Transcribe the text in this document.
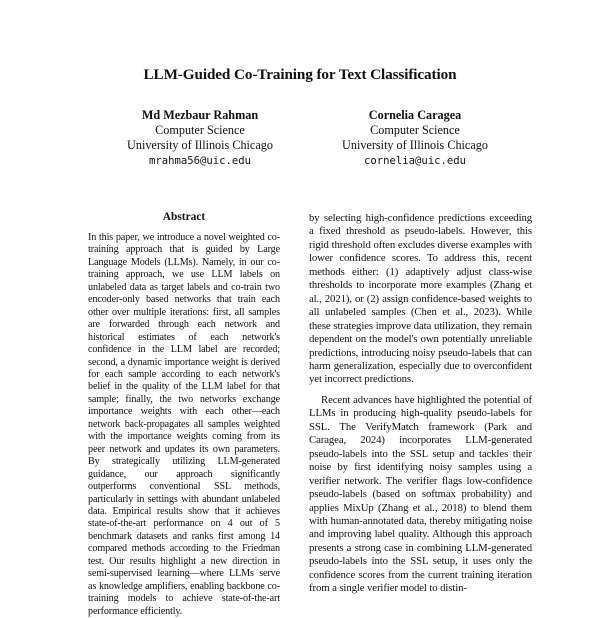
LLM-Guided Co-Training for Text Classification
Md Mezbaur Rahman
Computer Science
University of Illinois Chicago
mrahma56@uic.edu
Cornelia Caragea
Computer Science
University of Illinois Chicago
cornelia@uic.edu
Abstract
In this paper, we introduce a novel weighted co-training approach that is guided by Large Language Models (LLMs). Namely, in our co-training approach, we use LLM labels on unlabeled data as target labels and co-train two encoder-only based networks that train each other over multiple iterations: first, all samples are forwarded through each network and historical estimates of each network's confidence in the LLM label are recorded; second, a dynamic importance weight is derived for each sample according to each network's belief in the quality of the LLM label for that sample; finally, the two networks exchange importance weights with each other—each network back-propagates all samples weighted with the importance weights coming from its peer network and updates its own parameters. By strategically utilizing LLM-generated guidance, our approach significantly outperforms conventional SSL methods, particularly in settings with abundant unlabeled data. Empirical results show that it achieves state-of-the-art performance on 4 out of 5 benchmark datasets and ranks first among 14 compared methods according to the Friedman test. Our results highlight a new direction in semi-supervised learning—where LLMs serve as knowledge amplifiers, enabling backbone co-training models to achieve state-of-the-art performance efficiently.

by selecting high-confidence predictions exceeding a fixed threshold as pseudo-labels. However, this rigid threshold often excludes diverse examples with lower confidence scores. To address this, recent methods either: (1) adaptively adjust class-wise thresholds to incorporate more examples (Zhang et al., 2021), or (2) assign confidence-based weights to all unlabeled samples (Chen et al., 2023). While these strategies improve data utilization, they remain dependent on the model's own potentially unreliable predictions, introducing noisy pseudo-labels that can harm generalization, especially due to overconfident yet incorrect predictions.

Recent advances have highlighted the potential of LLMs in producing high-quality pseudo-labels for SSL. The VerifyMatch framework (Park and Caragea, 2024) incorporates LLM-generated pseudo-labels into the SSL setup and tackles their noise by first identifying noisy samples using a verifier network. The verifier flags low-confidence pseudo-labels (based on softmax probability) and applies MixUp (Zhang et al., 2018) to blend them with human-annotated data, thereby mitigating noise and improving label quality. Although this approach presents a strong case in combining LLM-generated pseudo-labels into the SSL setup, it uses only the confidence scores from the current training iteration from a single verifier model to distin-
